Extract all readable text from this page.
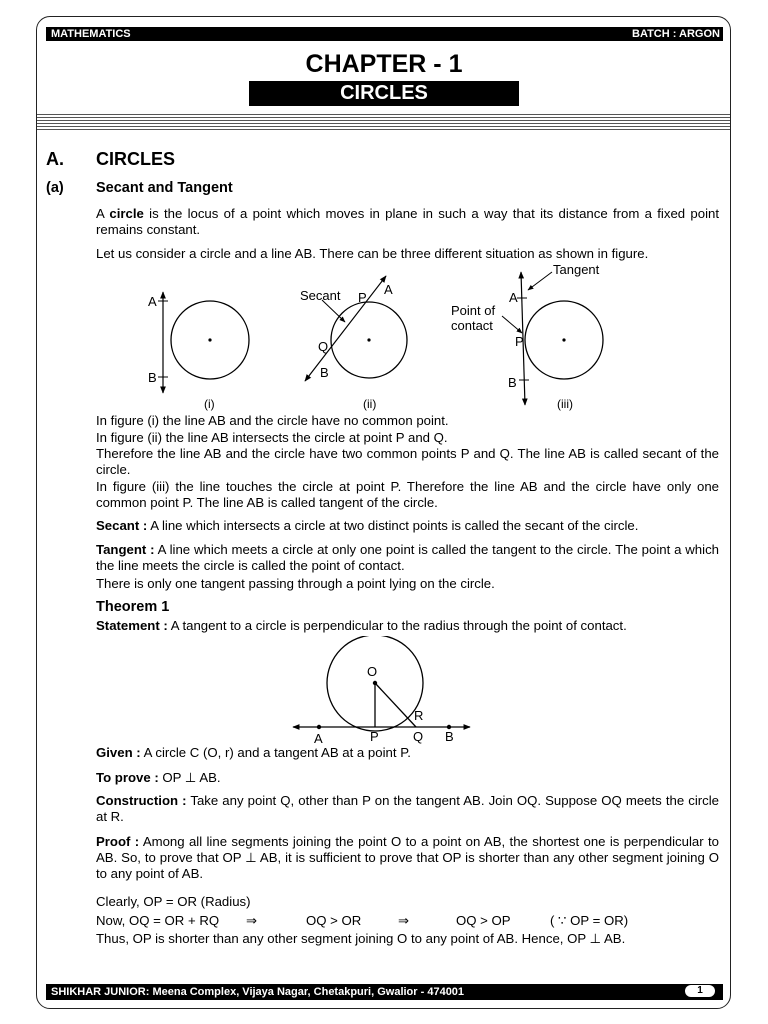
MATHEMATICS	BATCH : ARGON
CHAPTER - 1
CIRCLES
A. CIRCLES
(a) Secant and Tangent
A circle is the locus of a point which moves in plane in such a way that its distance from a fixed point remains constant.
Let us consider a circle and a line AB. There can be three different situation as shown in figure.
A
B
(i)
Secant P
A
Q
B
(ii)
Tangent
Point of
contact
A
P
B
(iii)
In figure (i) the line AB and the circle have no common point.
In figure (ii) the line AB intersects the circle at point P and Q.
Therefore the line AB and the circle have two common points P and Q. The line AB is called secant of the circle.
In figure (iii) the line touches the circle at point P. Therefore the line AB and the circle have only one common point P. The line AB is called tangent of the circle.
Secant : A line which intersects a circle at two distinct points is called the secant of the circle.
Tangent : A line which meets a circle at only one point is called the tangent to the circle. The point a which the line meets the circle is called the point of contact.
There is only one tangent passing through a point lying on the circle.
Theorem 1
Statement : A tangent to a circle is perpendicular to the radius through the point of contact.
O
R
A	P	Q B
Given : A circle C (O, r) and a tangent AB at a point P.
To prove : OP ⊥ AB.
Construction : Take any point Q, other than P on the tangent AB. Join OQ. Suppose OQ meets the circle at R.
Proof : Among all line segments joining the point O to a point on AB, the shortest one is perpendicular to AB. So, to prove that OP ⊥ AB, it is sufficient to prove that OP is shorter than any other segment joining O to any point of AB.
Clearly, OP = OR (Radius)
Now, OQ = OR + RQ ⇒	OQ > OR	⇒	OQ > OP	( ∵ OP = OR)
Thus, OP is shorter than any other segment joining O to any point of AB. Hence, OP ⊥ AB.
SHIKHAR JUNIOR: Meena Complex, Vijaya Nagar, Chetakpuri, Gwalior - 474001	1
